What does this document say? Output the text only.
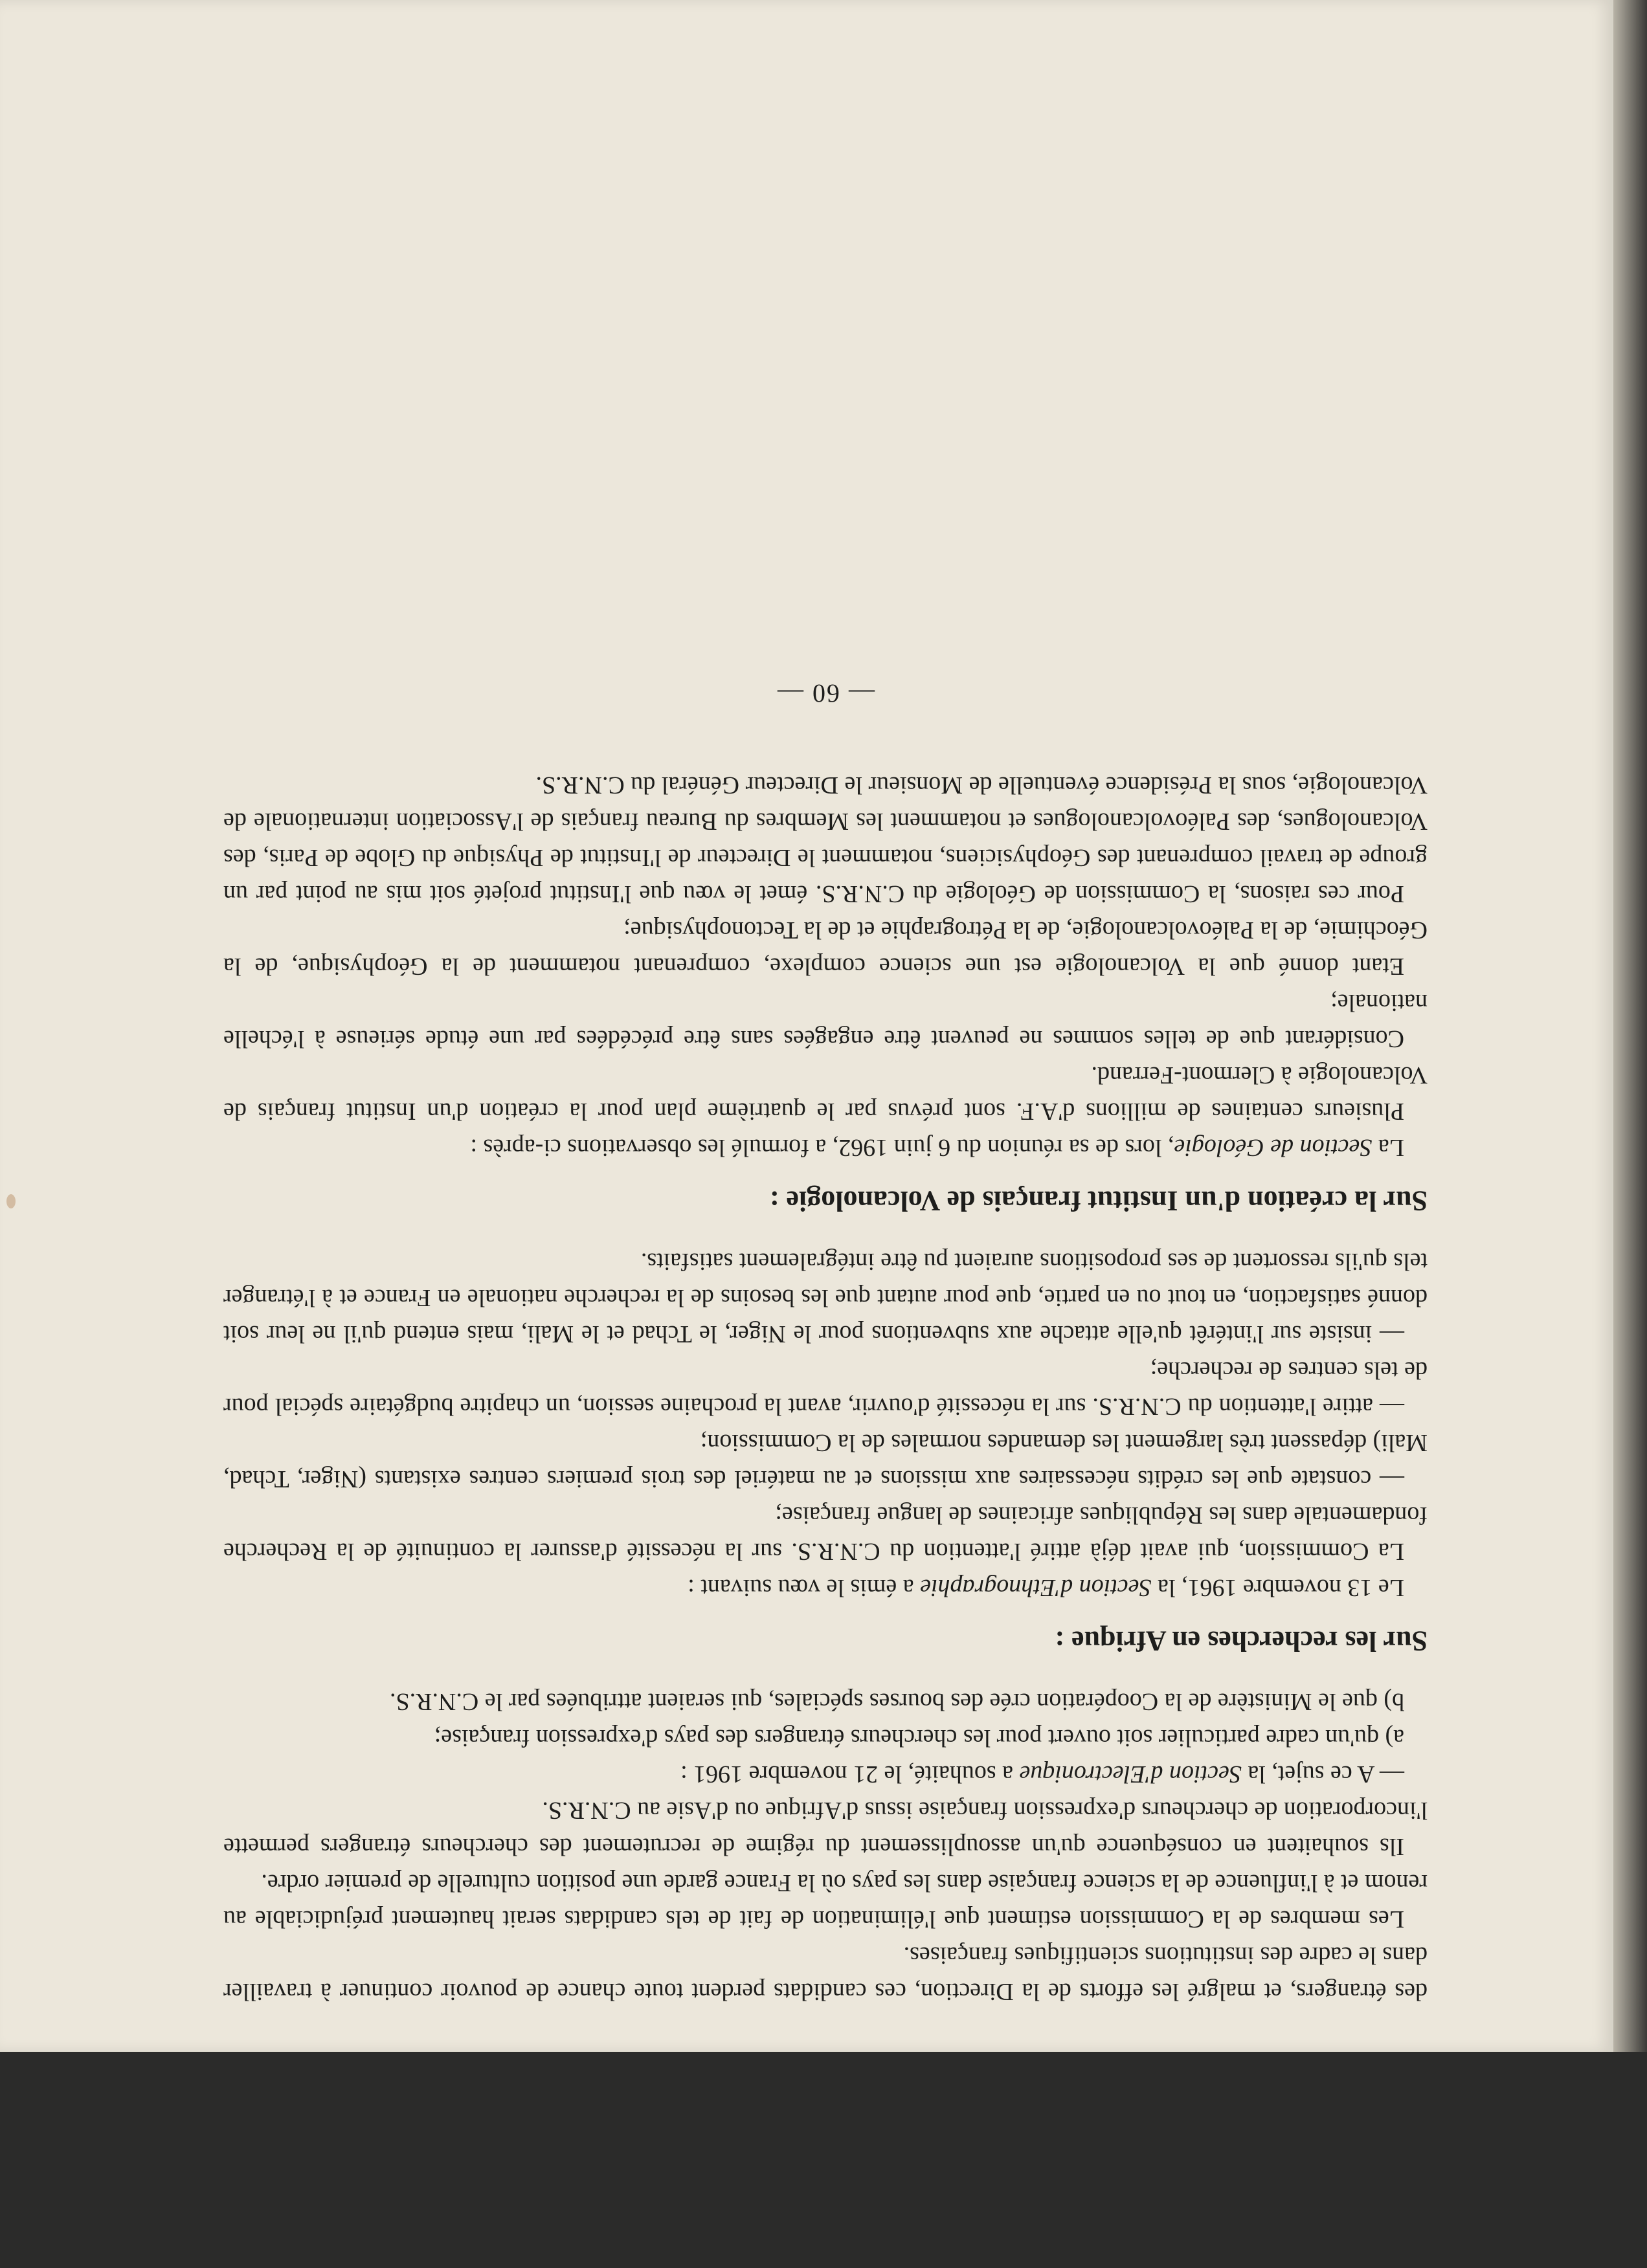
des étrangers, et malgré les efforts de la Direction, ces candidats perdent toute chance de pouvoir continuer à travailler dans le cadre des institutions scientifiques françaises.

Les membres de la Commission estiment que l'élimination de fait de tels candidats serait hautement préjudiciable au renom et à l'influence de la science française dans les pays où la France garde une position culturelle de premier ordre.

Ils souhaitent en conséquence qu'un assouplissement du régime de recrutement des chercheurs étrangers permette l'incorporation de chercheurs d'expression française issus d'Afrique ou d'Asie au C.N.R.S.

— A ce sujet, la Section d'Electronique a souhaité, le 21 novembre 1961 :

a) qu'un cadre particulier soit ouvert pour les chercheurs étrangers des pays d'expression française;

b) que le Ministère de la Coopération crée des bourses spéciales, qui seraient attribuées par le C.N.R.S.

Sur les recherches en Afrique :

Le 13 novembre 1961, la Section d'Ethnographie a émis le vœu suivant :

La Commission, qui avait déjà attiré l'attention du C.N.R.S. sur la nécessité d'assurer la continuité de la Recherche fondamentale dans les Républiques africaines de langue française;

— constate que les crédits nécessaires aux missions et au matériel des trois premiers centres existants (Niger, Tchad, Mali) dépassent très largement les demandes normales de la Commission;

— attire l'attention du C.N.R.S. sur la nécessité d'ouvrir, avant la prochaine session, un chapitre budgétaire spécial pour de tels centres de recherche;

— insiste sur l'intérêt qu'elle attache aux subventions pour le Niger, le Tchad et le Mali, mais entend qu'il ne leur soit donné satisfaction, en tout ou en partie, que pour autant que les besoins de la recherche nationale en France et à l'étranger tels qu'ils ressortent de ses propositions auraient pu être intégralement satisfaits.

Sur la création d'un Institut français de Volcanologie :

La Section de Géologie, lors de sa réunion du 6 juin 1962, a formulé les observations ci-après :

Plusieurs centaines de millions d'A.F. sont prévus par le quatrième plan pour la création d'un Institut français de Volcanologie à Clermont-Ferrand.

Considérant que de telles sommes ne peuvent être engagées sans être précédées par une étude sérieuse à l'échelle nationale;

Etant donné que la Volcanologie est une science complexe, comprenant notamment de la Géophysique, de la Géochimie, de la Paléovolcanologie, de la Pétrographie et de la Tectonophysique;

Pour ces raisons, la Commission de Géologie du C.N.R.S. émet le vœu que l'Institut projeté soit mis au point par un groupe de travail comprenant des Géophysiciens, notamment le Directeur de l'Institut de Physique du Globe de Paris, des Volcanologues, des Paléovolcanologues et notamment les Membres du Bureau français de l'Association internationale de Volcanologie, sous la Présidence éventuelle de Monsieur le Directeur Général du C.N.R.S.

— 60 —
